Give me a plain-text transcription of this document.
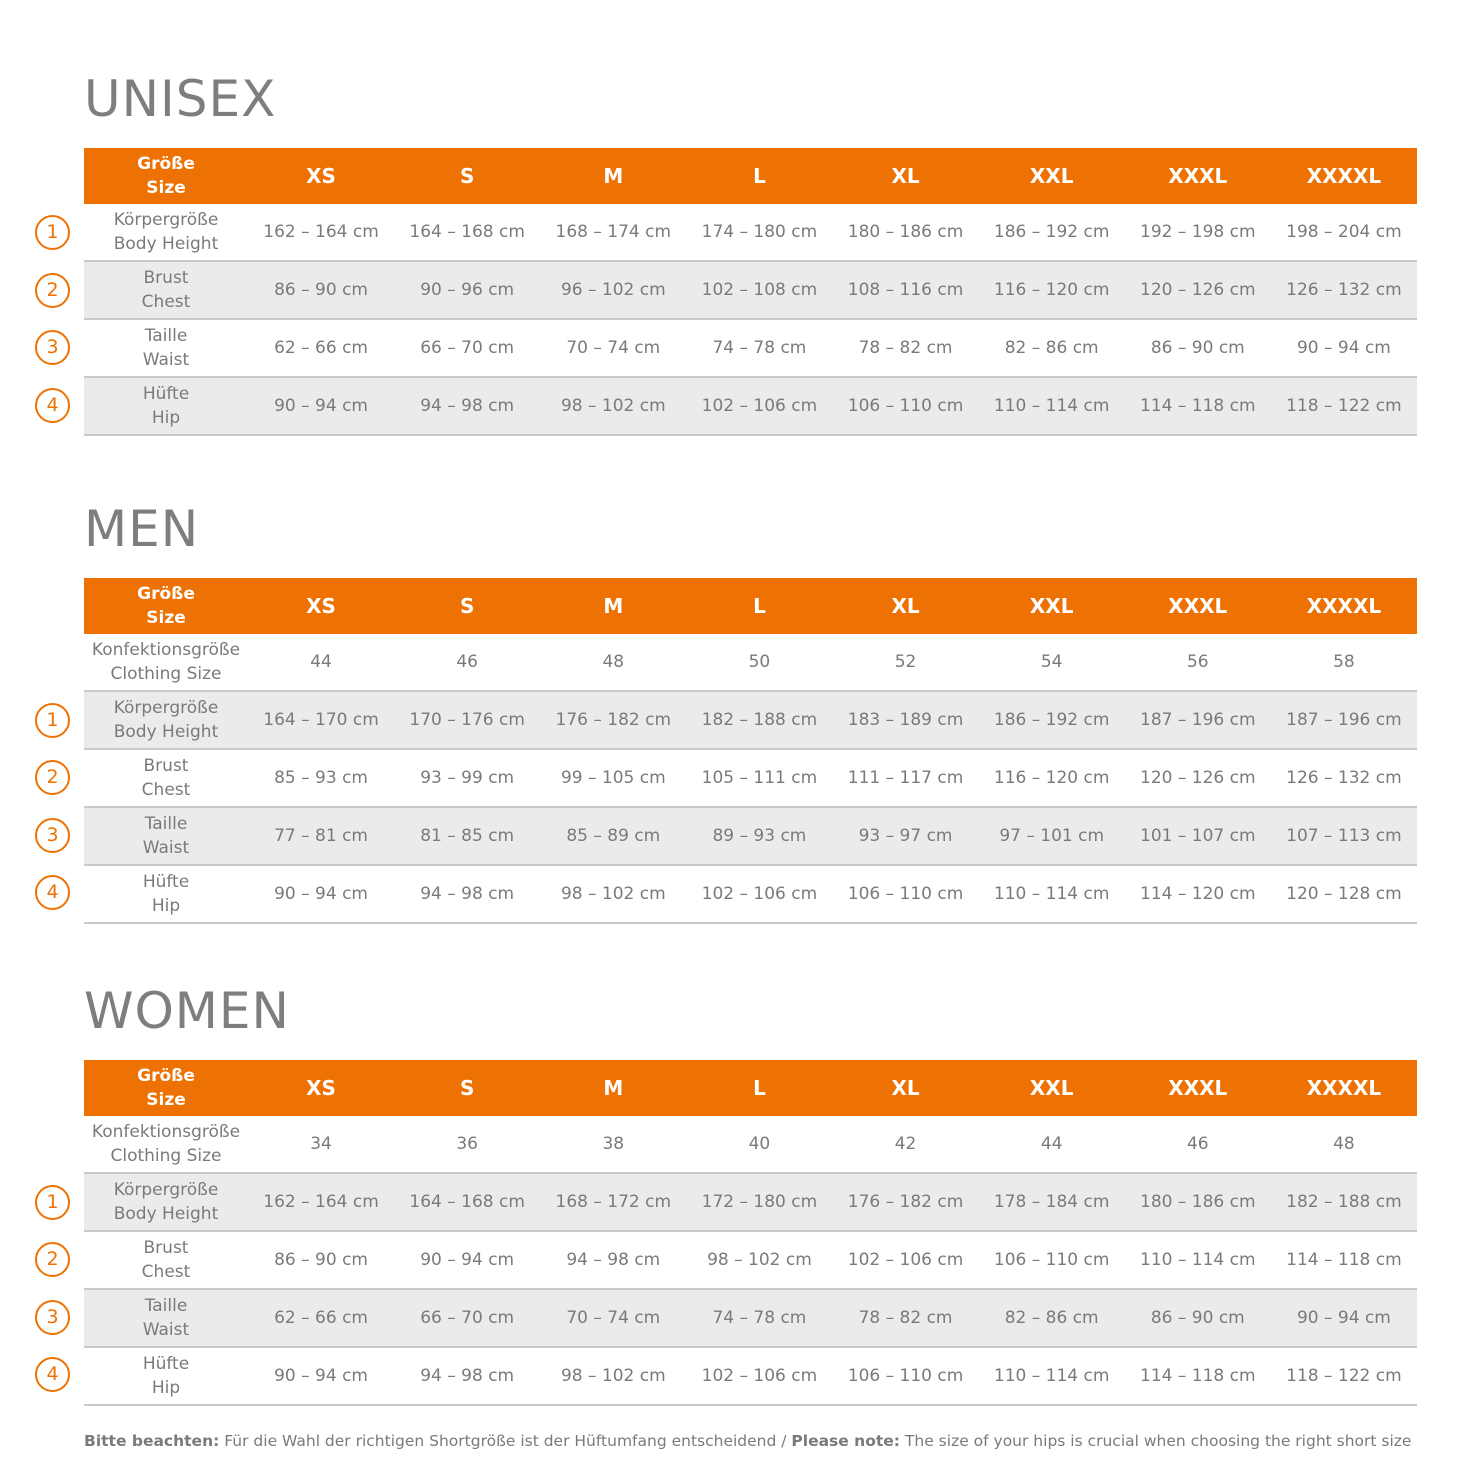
UNISEX
1
2
3
4
Größe
Size	XS	S	M	L	XL	XXL	XXXL	XXXXL
Körpergröße
Body Height
162 – 164 cm	164 – 168 cm	168 – 174 cm	174 – 180 cm	180 – 186 cm	186 – 192 cm	192 – 198 cm	198 – 204 cm
Brust
Chest
86 – 90 cm	90 – 96 cm	96 – 102 cm	102 – 108 cm	108 – 116 cm	116 – 120 cm	120 – 126 cm	126 – 132 cm
Taille
Waist
62 – 66 cm	66 – 70 cm	70 – 74 cm	74 – 78 cm	78 – 82 cm	82 – 86 cm	86 – 90 cm	90 – 94 cm
Hüfte
Hip
90 – 94 cm	94 – 98 cm	98 – 102 cm	102 – 106 cm	106 – 110 cm	110 – 114 cm	114 – 118 cm	118 – 122 cm
MEN
1
2
3
4
Größe
Size	XS	S	M	L	XL	XXL	XXXL	XXXXL
Konfektionsgröße
Clothing Size
44	46	48	50	52	54	56	58
Körpergröße
Body Height
164 – 170 cm	170 – 176 cm	176 – 182 cm	182 – 188 cm	183 – 189 cm	186 – 192 cm	187 – 196 cm	187 – 196 cm
Brust
Chest
85 – 93 cm	93 – 99 cm	99 – 105 cm	105 – 111 cm	111 – 117 cm	116 – 120 cm	120 – 126 cm	126 – 132 cm
Taille
Waist
77 – 81 cm	81 – 85 cm	85 – 89 cm	89 – 93 cm	93 – 97 cm	97 – 101 cm	101 – 107 cm	107 – 113 cm
Hüfte
Hip
90 – 94 cm	94 – 98 cm	98 – 102 cm	102 – 106 cm	106 – 110 cm	110 – 114 cm	114 – 120 cm	120 – 128 cm
WOMEN
1
2
3
4
Größe
Size	XS	S	M	L	XL	XXL	XXXL	XXXXL
Konfektionsgröße
Clothing Size
34	36	38	40	42	44	46	48
Körpergröße
Body Height
162 – 164 cm	164 – 168 cm	168 – 172 cm	172 – 180 cm	176 – 182 cm	178 – 184 cm	180 – 186 cm	182 – 188 cm
Brust
Chest
86 – 90 cm	90 – 94 cm	94 – 98 cm	98 – 102 cm	102 – 106 cm	106 – 110 cm	110 – 114 cm	114 – 118 cm
Taille
Waist
62 – 66 cm	66 – 70 cm	70 – 74 cm	74 – 78 cm	78 – 82 cm	82 – 86 cm	86 – 90 cm	90 – 94 cm
Hüfte
Hip
90 – 94 cm	94 – 98 cm	98 – 102 cm	102 – 106 cm	106 – 110 cm	110 – 114 cm	114 – 118 cm	118 – 122 cm
Bitte beachten: Für die Wahl der richtigen Shortgröße ist der Hüftumfang entscheidend / Please note: The size of your hips is crucial when choosing the right short size
